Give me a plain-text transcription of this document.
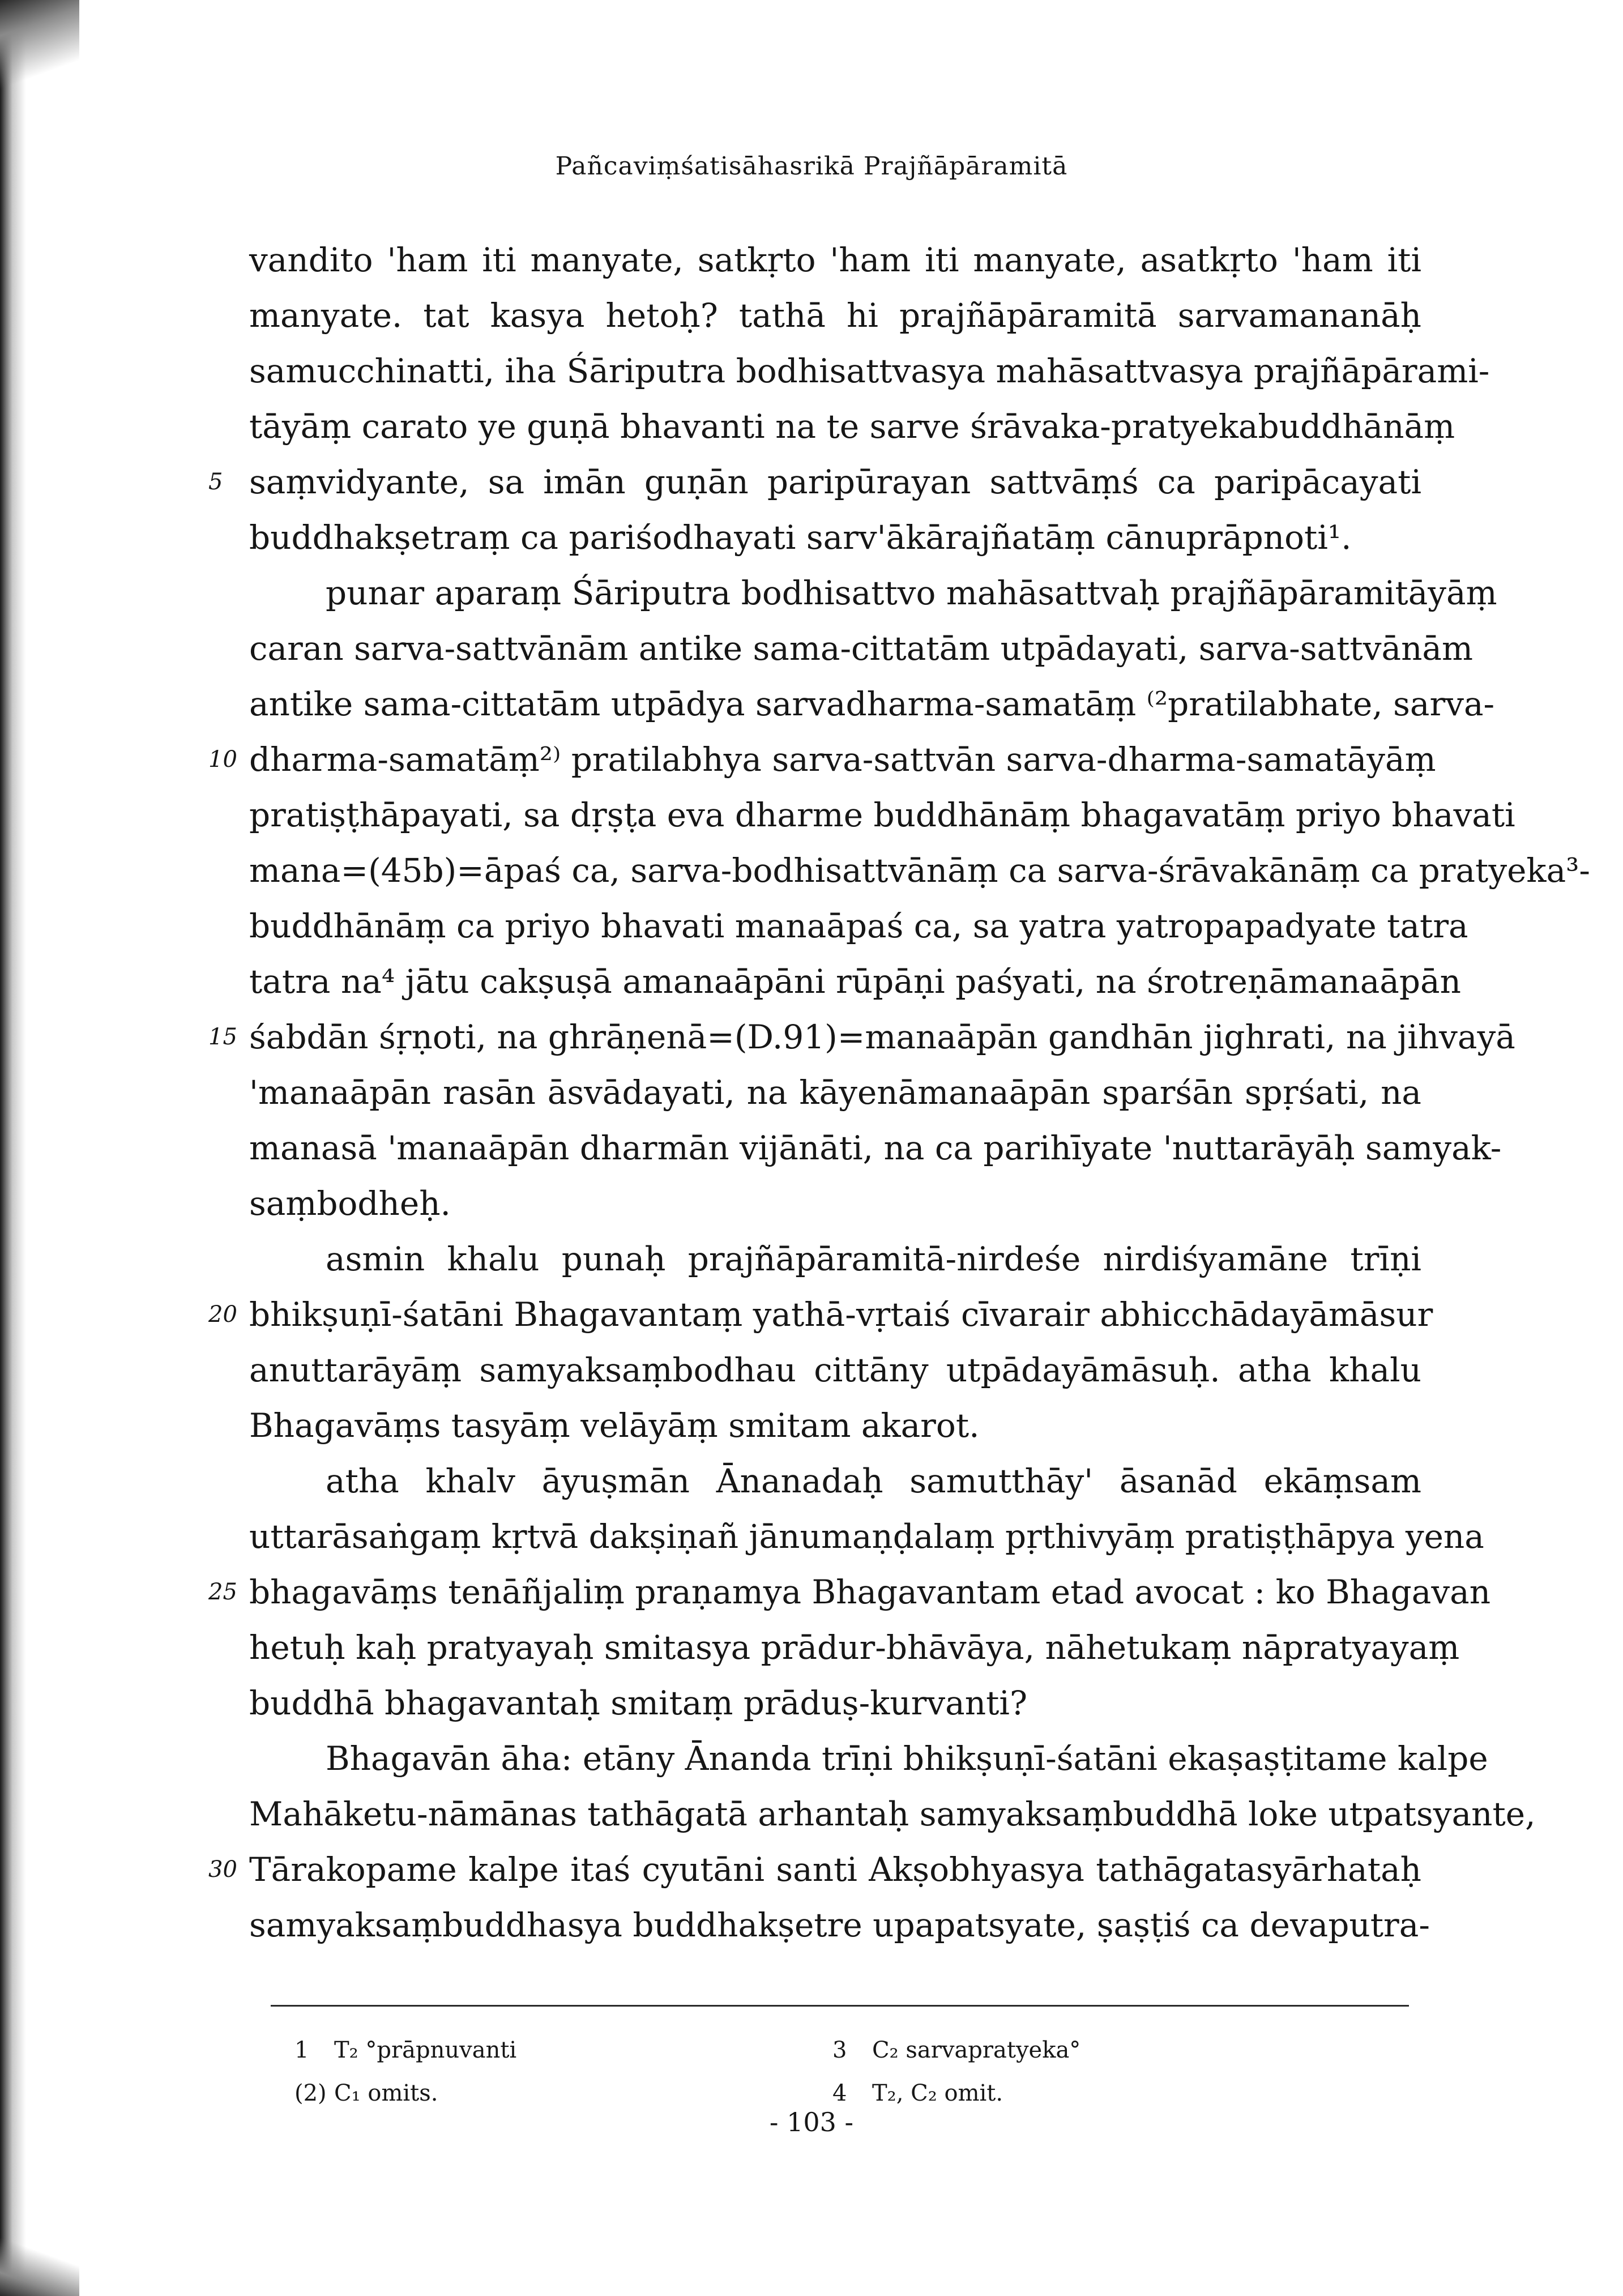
Pañcaviṃśatisāhasrikā Prajñāpāramitā
vandito 'ham iti manyate, satkṛto 'ham iti manyate, asatkṛto 'ham iti
manyate. tat kasya hetoḥ? tathā hi prajñāpāramitā sarvamananāḥ
samucchinatti, iha Śāriputra bodhisattvasya mahāsattvasya prajñāpārami-
tāyāṃ carato ye guṇā bhavanti na te sarve śrāvaka-pratyekabuddhānāṃ
5 saṃvidyante, sa imān guṇān paripūrayan sattvāṃś ca paripācayati
buddhakṣetraṃ ca pariśodhayati sarv'ākārajñatāṃ cānuprāpnoti¹.
punar aparaṃ Śāriputra bodhisattvo mahāsattvaḥ prajñāpāramitāyāṃ
caran sarva-sattvānām antike sama-cittatām utpādayati, sarva-sattvānām
antike sama-cittatām utpādya sarvadharma-samatāṃ ⁽²pratilabhate, sarva-
10 dharma-samatāṃ²⁾ pratilabhya sarva-sattvān sarva-dharma-samatāyāṃ
pratiṣṭhāpayati, sa dṛṣṭa eva dharme buddhānāṃ bhagavatāṃ priyo bhavati
mana=(45b)=āpaś ca, sarva-bodhisattvānāṃ ca sarva-śrāvakānāṃ ca pratyeka³-
buddhānāṃ ca priyo bhavati manaāpaś ca, sa yatra yatropapadyate tatra
tatra na⁴ jātu cakṣuṣā amanaāpāni rūpāṇi paśyati, na śrotreṇāmanaāpān
15 śabdān śṛṇoti, na ghrāṇenā=(D.91)=manaāpān gandhān jighrati, na jihvayā
'manaāpān rasān āsvādayati, na kāyenāmanaāpān sparśān spṛśati, na
manasā 'manaāpān dharmān vijānāti, na ca parihīyate 'nuttarāyāḥ samyak-
saṃbodheḥ.
asmin khalu punaḥ prajñāpāramitā-nirdeśe nirdiśyamāne trīṇi
20 bhikṣuṇī-śatāni Bhagavantaṃ yathā-vṛtaiś cīvarair abhicchādayāmāsur
anuttarāyāṃ samyaksaṃbodhau cittāny utpādayāmāsuḥ. atha khalu
Bhagavāṃs tasyāṃ velāyāṃ smitam akarot.
atha khalv āyuṣmān Ānanadaḥ samutthāy' āsanād ekāṃsam
uttarāsaṅgaṃ kṛtvā dakṣiṇañ jānumaṇḍalaṃ pṛthivyāṃ pratiṣṭhāpya yena
25 bhagavāṃs tenāñjaliṃ praṇamya Bhagavantam etad avocat : ko Bhagavan
hetuḥ kaḥ pratyayaḥ smitasya prādur-bhāvāya, nāhetukaṃ nāpratyayaṃ
buddhā bhagavantaḥ smitaṃ prāduṣ-kurvanti?
Bhagavān āha: etāny Ānanda trīṇi bhikṣuṇī-śatāni ekaṣaṣṭitame kalpe
Mahāketu-nāmānas tathāgatā arhantaḥ samyaksaṃbuddhā loke utpatsyante,
30 Tārakopame kalpe itaś cyutāni santi Akṣobhyasya tathāgatasyārhataḥ
samyaksaṃbuddhasya buddhakṣetre upapatsyate, ṣaṣṭiś ca devaputra-
1 T₂ °prāpnuvanti	3 C₂ sarvapratyeka°
(2) C₁ omits.	4 T₂, C₂ omit.
- 103 -
